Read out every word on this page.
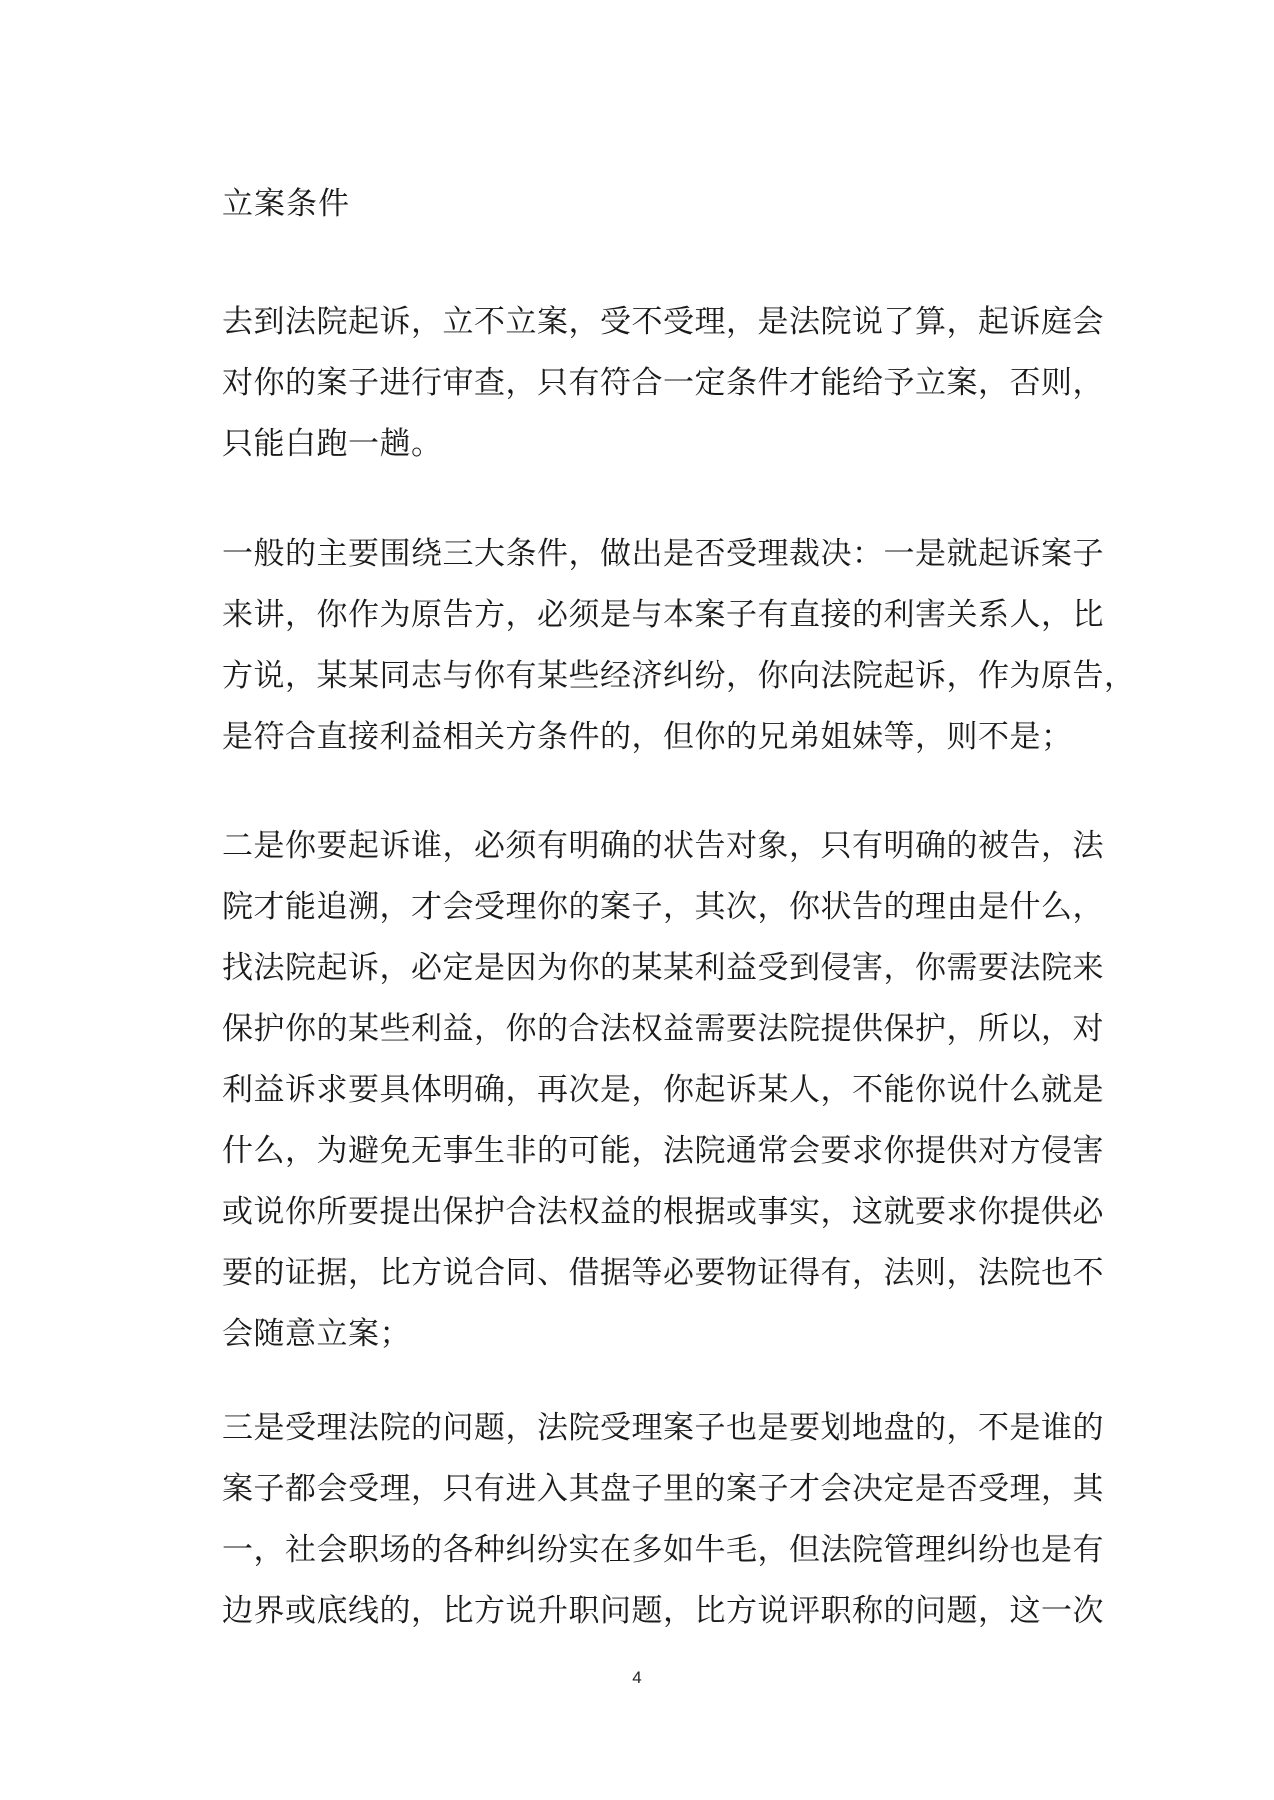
立案条件

去到法院起诉，立不立案，受不受理，是法院说了算，起诉庭会
对你的案子进行审查，只有符合一定条件才能给予立案，否则，
只能白跑一趟。

一般的主要围绕三大条件，做出是否受理裁决：一是就起诉案子
来讲，你作为原告方，必须是与本案子有直接的利害关系人，比
方说，某某同志与你有某些经济纠纷，你向法院起诉，作为原告，
是符合直接利益相关方条件的，但你的兄弟姐妹等，则不是；

二是你要起诉谁，必须有明确的状告对象，只有明确的被告，法
院才能追溯，才会受理你的案子，其次，你状告的理由是什么，
找法院起诉，必定是因为你的某某利益受到侵害，你需要法院来
保护你的某些利益，你的合法权益需要法院提供保护，所以，对
利益诉求要具体明确，再次是，你起诉某人，不能你说什么就是
什么，为避免无事生非的可能，法院通常会要求你提供对方侵害
或说你所要提出保护合法权益的根据或事实，这就要求你提供必
要的证据，比方说合同、借据等必要物证得有，法则，法院也不
会随意立案；

三是受理法院的问题，法院受理案子也是要划地盘的，不是谁的
案子都会受理，只有进入其盘子里的案子才会决定是否受理，其
一，社会职场的各种纠纷实在多如牛毛，但法院管理纠纷也是有
边界或底线的，比方说升职问题，比方说评职称的问题，这一次

4
